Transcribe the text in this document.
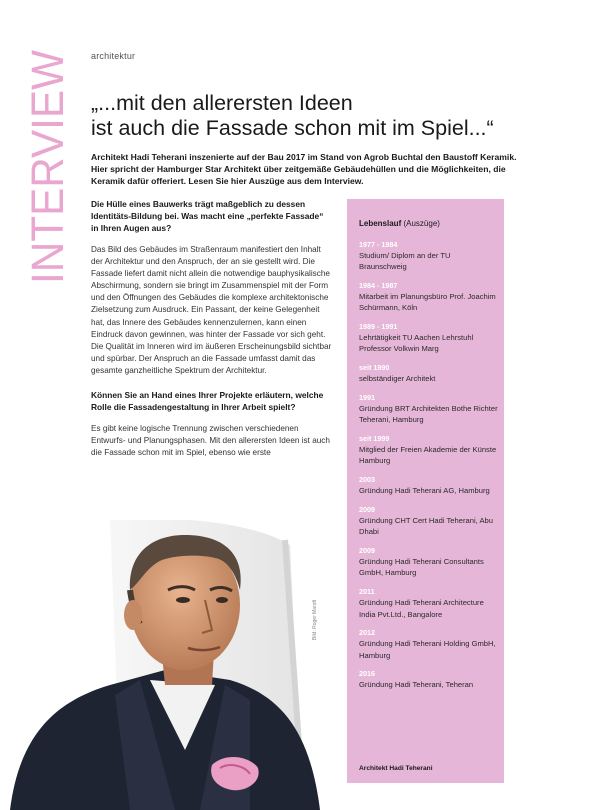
INTERVIEW architektur
„...mit den allerersten Ideen
ist auch die Fassade schon mit im Spiel...“

Architekt Hadi Teherani inszenierte auf der Bau 2017 im Stand von Agrob Buchtal den Baustoff Keramik. Hier spricht der Hamburger Star Architekt über zeitgemäße Gebäudehüllen und die Möglichkeiten, die Keramik dafür offeriert. Lesen Sie hier Auszüge aus dem Interview.

Die Hülle eines Bauwerks trägt maßgeblich zu dessen Identitäts-Bildung bei. Was macht eine „perfekte Fassade“ in Ihren Augen aus?

Das Bild des Gebäudes im Straßenraum manifestiert den Inhalt der Architektur und den Anspruch, der an sie gestellt wird. Die Fassade liefert damit nicht allein die notwendige bauphysikalische Abschirmung, sondern sie bringt im Zusammenspiel mit der Form und den Öffnungen des Gebäudes die komplexe architektonische Zielsetzung zum Ausdruck. Ein Passant, der keine Gelegenheit hat, das Innere des Gebäudes kennenzulernen, kann einen Eindruck davon gewinnen, was hinter der Fassade vor sich geht. Die Qualität im Inneren wird im äußeren Erscheinungsbild sichtbar und spürbar. Der Anspruch an die Fassade umfasst damit das gesamte ganzheitliche Spektrum der Architektur.

Können Sie an Hand eines Ihrer Projekte erläutern, welche Rolle die Fassadengestaltung in Ihrer Arbeit spielt?

Es gibt keine logische Trennung zwischen verschiedenen Entwurfs- und Planungsphasen. Mit den allerersten Ideen ist auch die Fassade schon mit im Spiel, ebenso wie erste

Bild: Roger Mandt
Lebenslauf (Auszüge)
1977 - 1984
Studium/ Diplom an der TU Braunschweig
1984 - 1987
Mitarbeit im Planungsbüro Prof. Joachim Schürmann, Köln
1989 - 1991
Lehrtätigkeit TU Aachen Lehrstuhl Professor Volkwin Marg
seit 1990
selbständiger Architekt
1991
Gründung BRT Architekten Bothe Richter Teherani, Hamburg
seit 1999
Mitglied der Freien Akademie der Künste Hamburg
2003
Gründung Hadi Teherani AG, Hamburg
2009
Gründung CHT Cert Hadi Teherani, Abu Dhabi
2009
Gründung Hadi Teherani Consultants GmbH, Hamburg
2011
Gründung Hadi Teherani Architecture India Pvt.Ltd., Bangalore
2012
Gründung Hadi Teherani Holding GmbH, Hamburg
2016
Gründung Hadi Teherani, Teheran
Architekt Hadi Teherani
